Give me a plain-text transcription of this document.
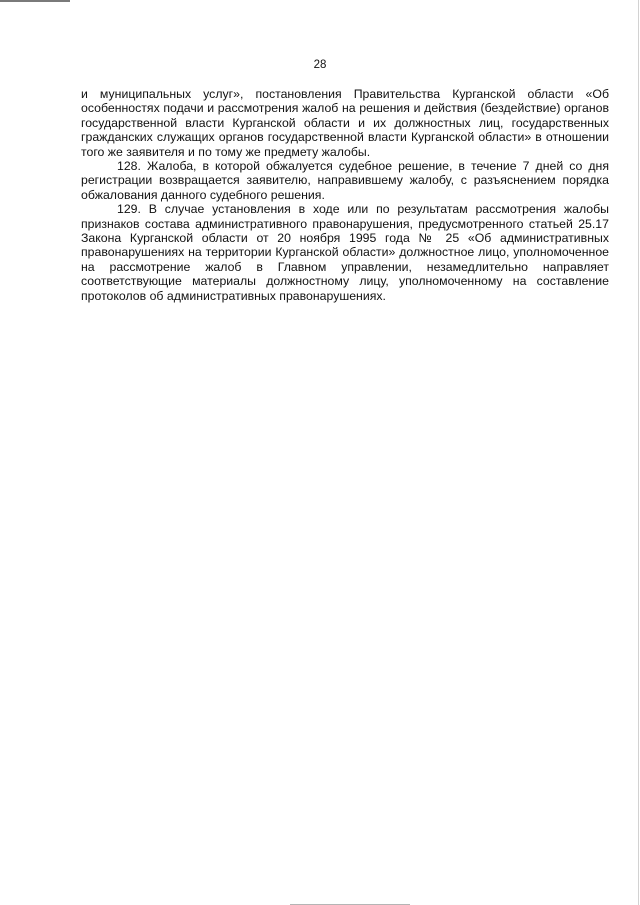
28

и муниципальных услуг», постановления Правительства Курганской области «Об особенностях подачи и рассмотрения жалоб на решения и действия (бездействие) органов государственной власти Курганской области и их должностных лиц, государственных гражданских служащих органов государственной власти Курганской области» в отношении того же заявителя и по тому же предмету жалобы.

128. Жалоба, в которой обжалуется судебное решение, в течение 7 дней со дня регистрации возвращается заявителю, направившему жалобу, с разъяснением порядка обжалования данного судебного решения.

129. В случае установления в ходе или по результатам рассмотрения жалобы признаков состава административного правонарушения, предусмотренного статьей 25.17 Закона Курганской области от 20 ноября 1995 года № 25 «Об административных правонарушениях на территории Курганской области» должностное лицо, уполномоченное на рассмотрение жалоб в Главном управлении, незамедлительно направляет соответствующие материалы должностному лицу, уполномоченному на составление протоколов об административных правонарушениях.
